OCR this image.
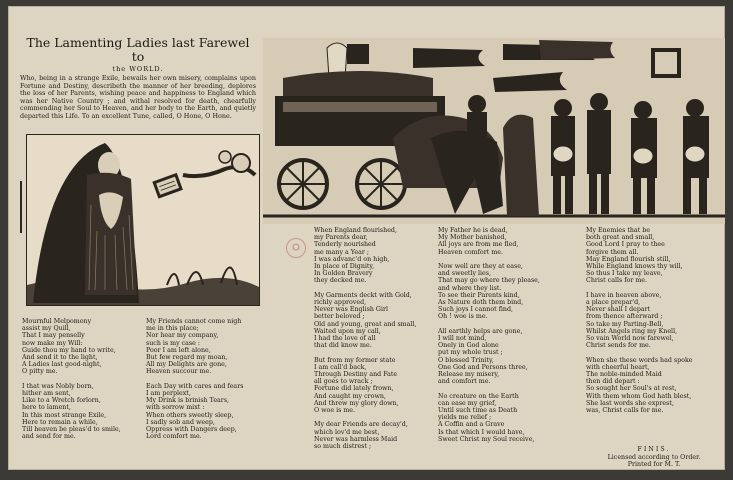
The Lamenting Ladies last Farewel to
the WORLD.
Who, being in a strange Exile, bewails her own misery, complains upon Fortune and Destiny, describeth the manner of her breeding, deplores the loss of her Parents, wishing peace and happiness to England which was her Native Country ; and withal resolved for death, chearfully commending her Soul to Heaven, and her body to the Earth, and quietly departed this Life. To an excellent Tune, called, O Hone, O Hone.
Mournful Melpomony
assist my Quill,
That I may penselly
now make my Will:
Guide thou my hand to write,
And send it to the light,
A Ladies last good-night,
O pitty me.

I that was Nobly born,
hither am sent,
Like to a Wretch forlorn,
here to lament,
In this most strange Exile,
Here to remain a while,
Till heaven be pleas'd to smile,
and send for me.
My Friends cannot come nigh
me in this place;
Nor hear my company,
such is my case :
Poor I am left alone,
But few regard my moan,
All my Delights are gone,
Heaven succour me.

Each Day with cares and fears
I am perplext,
My Drink is brinish Tears,
with sorrow mixt :
When others sweetly sleep,
I sadly sob and weep,
Oppress with Dangers deep,
Lord comfort me.
When England flourished,
my Parents dear,
Tenderly nourished
me many a Year ;
I was advanc'd on high,
In place of Dignity,
In Golden Bravery
they decked me.

My Garments deckt with Gold,
richly approved,
Never was English Girl
better beloved ;
Old and young, great and small,
Waited upon my call,
I had the love of all
that did know me.

But from my former state
I am call'd back,
Through Destiny and Fate
all goes to wrack ;
Fortune did lately frown,
And caught my crown,
And threw my glory down,
O woe is me.

My dear Friends are decay'd,
which lov'd me best,
Never was harmless Maid
so much distrest ;
My Father he is dead,
My Mother banished,
All joys are from me fled,
Heaven comfort me.

Now well are they at ease,
and sweetly lies,
That may go where they please,
and where they list.
To see their Parents kind,
As Nature doth them bind,
Such joys I cannot find,
Oh ! woe is me.

All earthly helps are gone,
I will not mind,
Onely in God alone
put my whole trust ;
O blessed Trinity,
One God and Persons three,
Release my misery,
and comfort me.

No creature on the Earth
can ease my grief,
Until such time as Death
yields me relief ;
A Coffin and a Grave
Is that which I would have,
Sweet Christ my Soul receive,
My Enemies that be
both great and small,
Good Lord I pray to thee
forgive them all.
May England flourish still,
While England knows thy will,
So thus I take my leave,
Christ calls for me.

I have in heaven above,
a place prepar'd,
Never shall I depart
from thence afterward ;
So take my Parting-Bell,
Whilst Angels ring my Knell,
So vain World now farewel,
Christ sends for me.

When she these words had spoke
with cheerful heart,
The noble-minded Maid
then did depart :
So sought her Soul's at rest,
With them whom God hath blest,
She last words she exprest,
was, Christ calls for me.
FINIS.
Licensed according to Order.
Printed for M. T.
